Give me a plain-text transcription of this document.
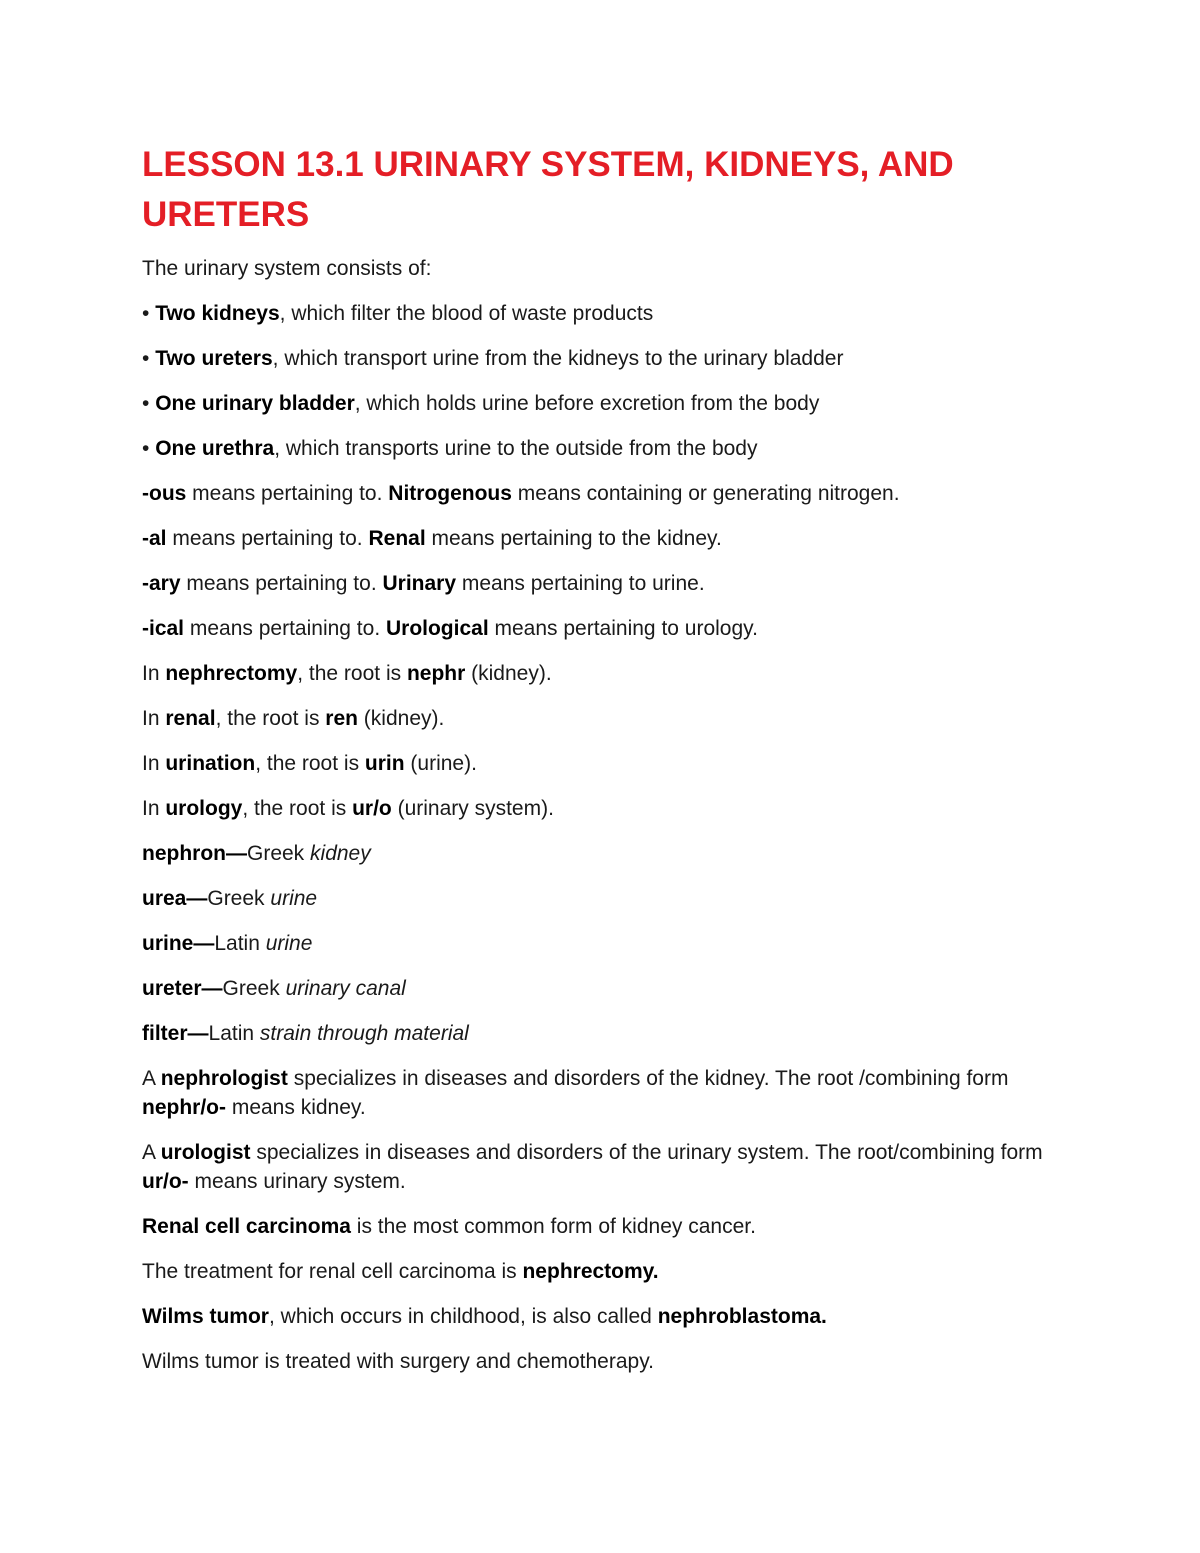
LESSON 13.1 URINARY SYSTEM, KIDNEYS, AND URETERS

The urinary system consists of:

• Two kidneys, which filter the blood of waste products

• Two ureters, which transport urine from the kidneys to the urinary bladder

• One urinary bladder, which holds urine before excretion from the body

• One urethra, which transports urine to the outside from the body

-ous means pertaining to. Nitrogenous means containing or generating nitrogen.

-al means pertaining to. Renal means pertaining to the kidney.

-ary means pertaining to. Urinary means pertaining to urine.

-ical means pertaining to. Urological means pertaining to urology.

In nephrectomy, the root is nephr (kidney).

In renal, the root is ren (kidney).

In urination, the root is urin (urine).

In urology, the root is ur/o (urinary system).

nephron—Greek kidney

urea—Greek urine

urine—Latin urine

ureter—Greek urinary canal

filter—Latin strain through material

A nephrologist specializes in diseases and disorders of the kidney. The root /combining form nephr/o- means kidney.

A urologist specializes in diseases and disorders of the urinary system. The root/combining form ur/o- means urinary system.

Renal cell carcinoma is the most common form of kidney cancer.

The treatment for renal cell carcinoma is nephrectomy.

Wilms tumor, which occurs in childhood, is also called nephroblastoma.

Wilms tumor is treated with surgery and chemotherapy.
